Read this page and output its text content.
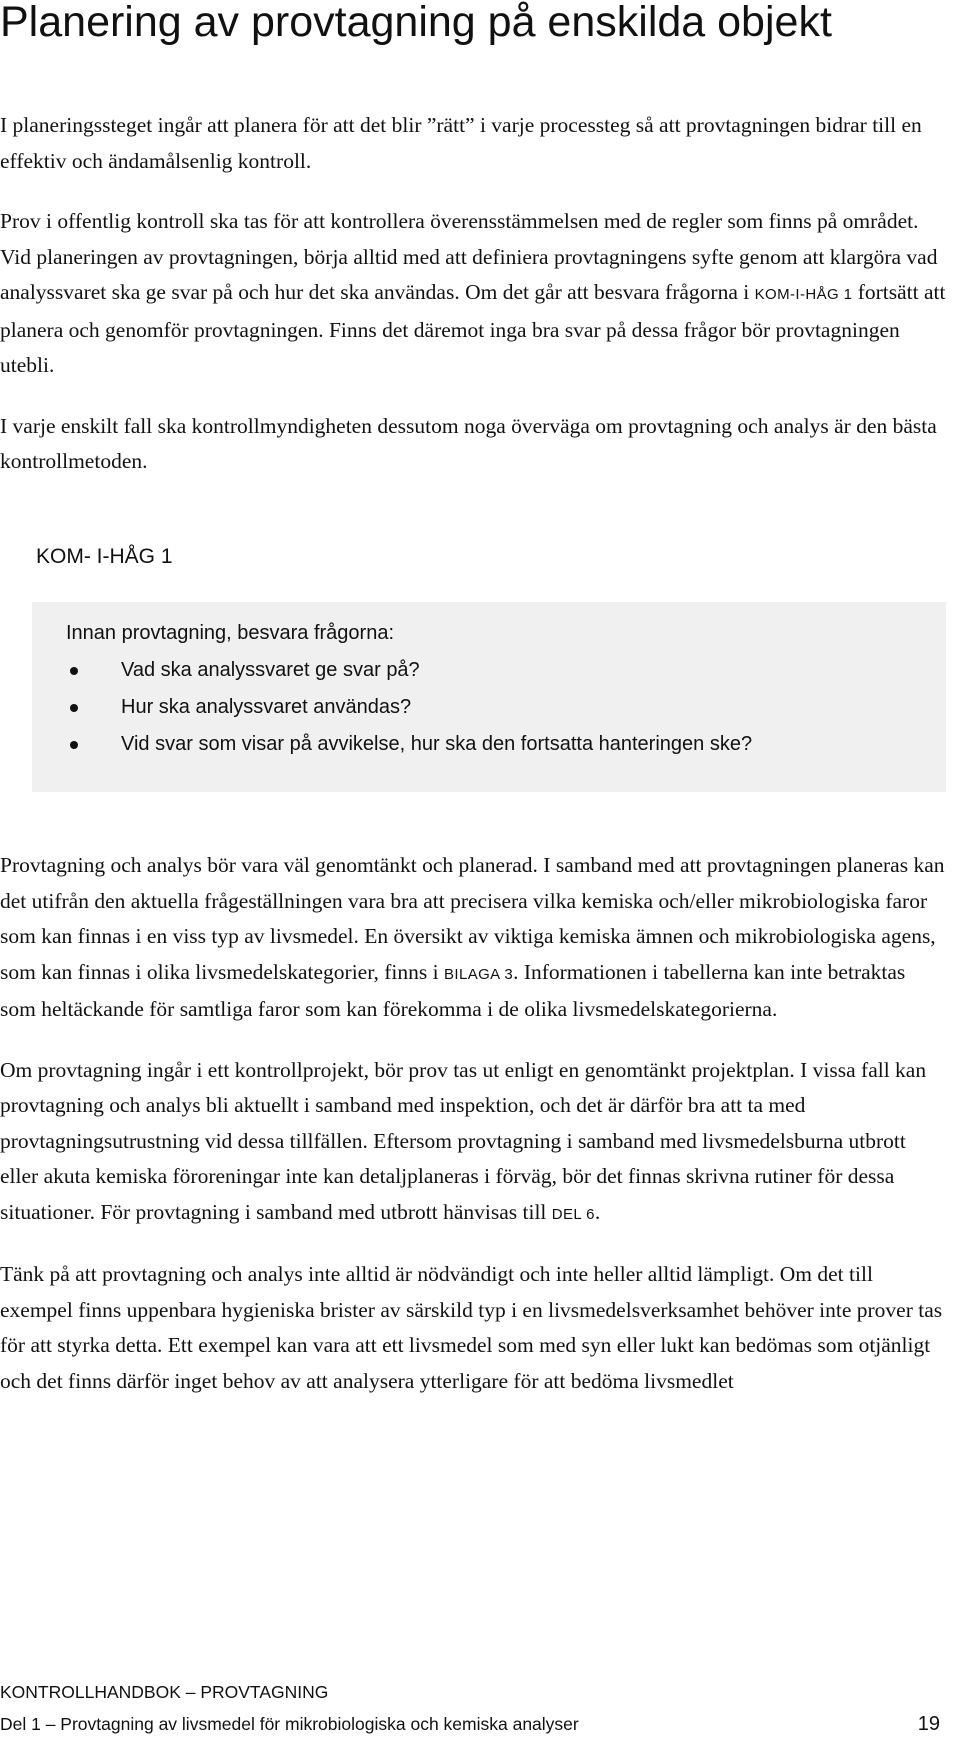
Planering av provtagning på enskilda objekt

I planeringssteget ingår att planera för att det blir ”rätt” i varje processteg så att provtagningen bidrar till en effektiv och ändamålsenlig kontroll.

Prov i offentlig kontroll ska tas för att kontrollera överensstämmelsen med de regler som finns på området. Vid planeringen av provtagningen, börja alltid med att definiera provtagningens syfte genom att klargöra vad analyssvaret ska ge svar på och hur det ska användas. Om det går att besvara frågorna i KOM-I-HÅG 1 fortsätt att planera och genomför provtagningen. Finns det däremot inga bra svar på dessa frågor bör provtagningen utebli.

I varje enskilt fall ska kontrollmyndigheten dessutom noga överväga om provtagning och analys är den bästa kontrollmetoden.

KOM- I-HÅG 1
Innan provtagning, besvara frågorna:
Vad ska analyssvaret ge svar på?
Hur ska analyssvaret användas?
Vid svar som visar på avvikelse, hur ska den fortsatta hanteringen ske?

Provtagning och analys bör vara väl genomtänkt och planerad. I samband med att provtagningen planeras kan det utifrån den aktuella frågeställningen vara bra att precisera vilka kemiska och/eller mikrobiologiska faror som kan finnas i en viss typ av livsmedel. En översikt av viktiga kemiska ämnen och mikrobiologiska agens, som kan finnas i olika livsmedelskategorier, finns i BILAGA 3. Informationen i tabellerna kan inte betraktas som heltäckande för samtliga faror som kan förekomma i de olika livsmedelskategorierna.

Om provtagning ingår i ett kontrollprojekt, bör prov tas ut enligt en genomtänkt projektplan. I vissa fall kan provtagning och analys bli aktuellt i samband med inspektion, och det är därför bra att ta med provtagningsutrustning vid dessa tillfällen. Eftersom provtagning i samband med livsmedelsburna utbrott eller akuta kemiska föroreningar inte kan detaljplaneras i förväg, bör det finnas skrivna rutiner för dessa situationer. För provtagning i samband med utbrott hänvisas till DEL 6.

Tänk på att provtagning och analys inte alltid är nödvändigt och inte heller alltid lämpligt. Om det till exempel finns uppenbara hygieniska brister av särskild typ i en livsmedelsverksamhet behöver inte prover tas för att styrka detta. Ett exempel kan vara att ett livsmedel som med syn eller lukt kan bedömas som otjänligt och det finns därför inget behov av att analysera ytterligare för att bedöma livsmedlet

KONTROLLHANDBOK – PROVTAGNING
Del 1 – Provtagning av livsmedel för mikrobiologiska och kemiska analyser	19
